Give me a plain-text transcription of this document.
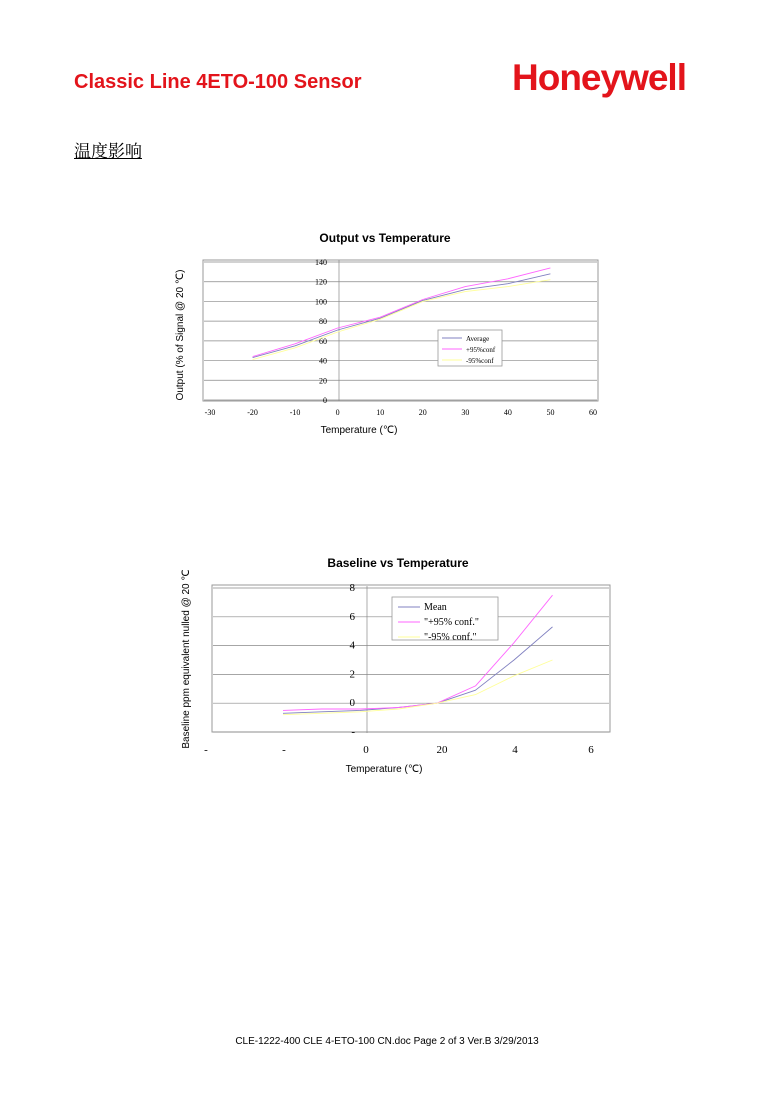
Classic Line 4ETO-100 Sensor	Honeywell
温度影响
Output vs Temperature
0
20
40
60
80
100
120
140
-30	-20	-10	0	10	20	30	40	50	60
Temperature (℃)
Output (% of Signal @ 20 ℃)	Average
+95%conf
-95%conf
Baseline vs Temperature
-
0
2
4
6
8
-	-	0	20	4	6
Temperature (℃)
Baseline ppm equivalent nulled @ 20 ℃	Mean
"+95% conf."
"-95% conf."
CLE-1222-400 CLE 4-ETO-100 CN.doc Page 2 of 3 Ver.B 3/29/2013
